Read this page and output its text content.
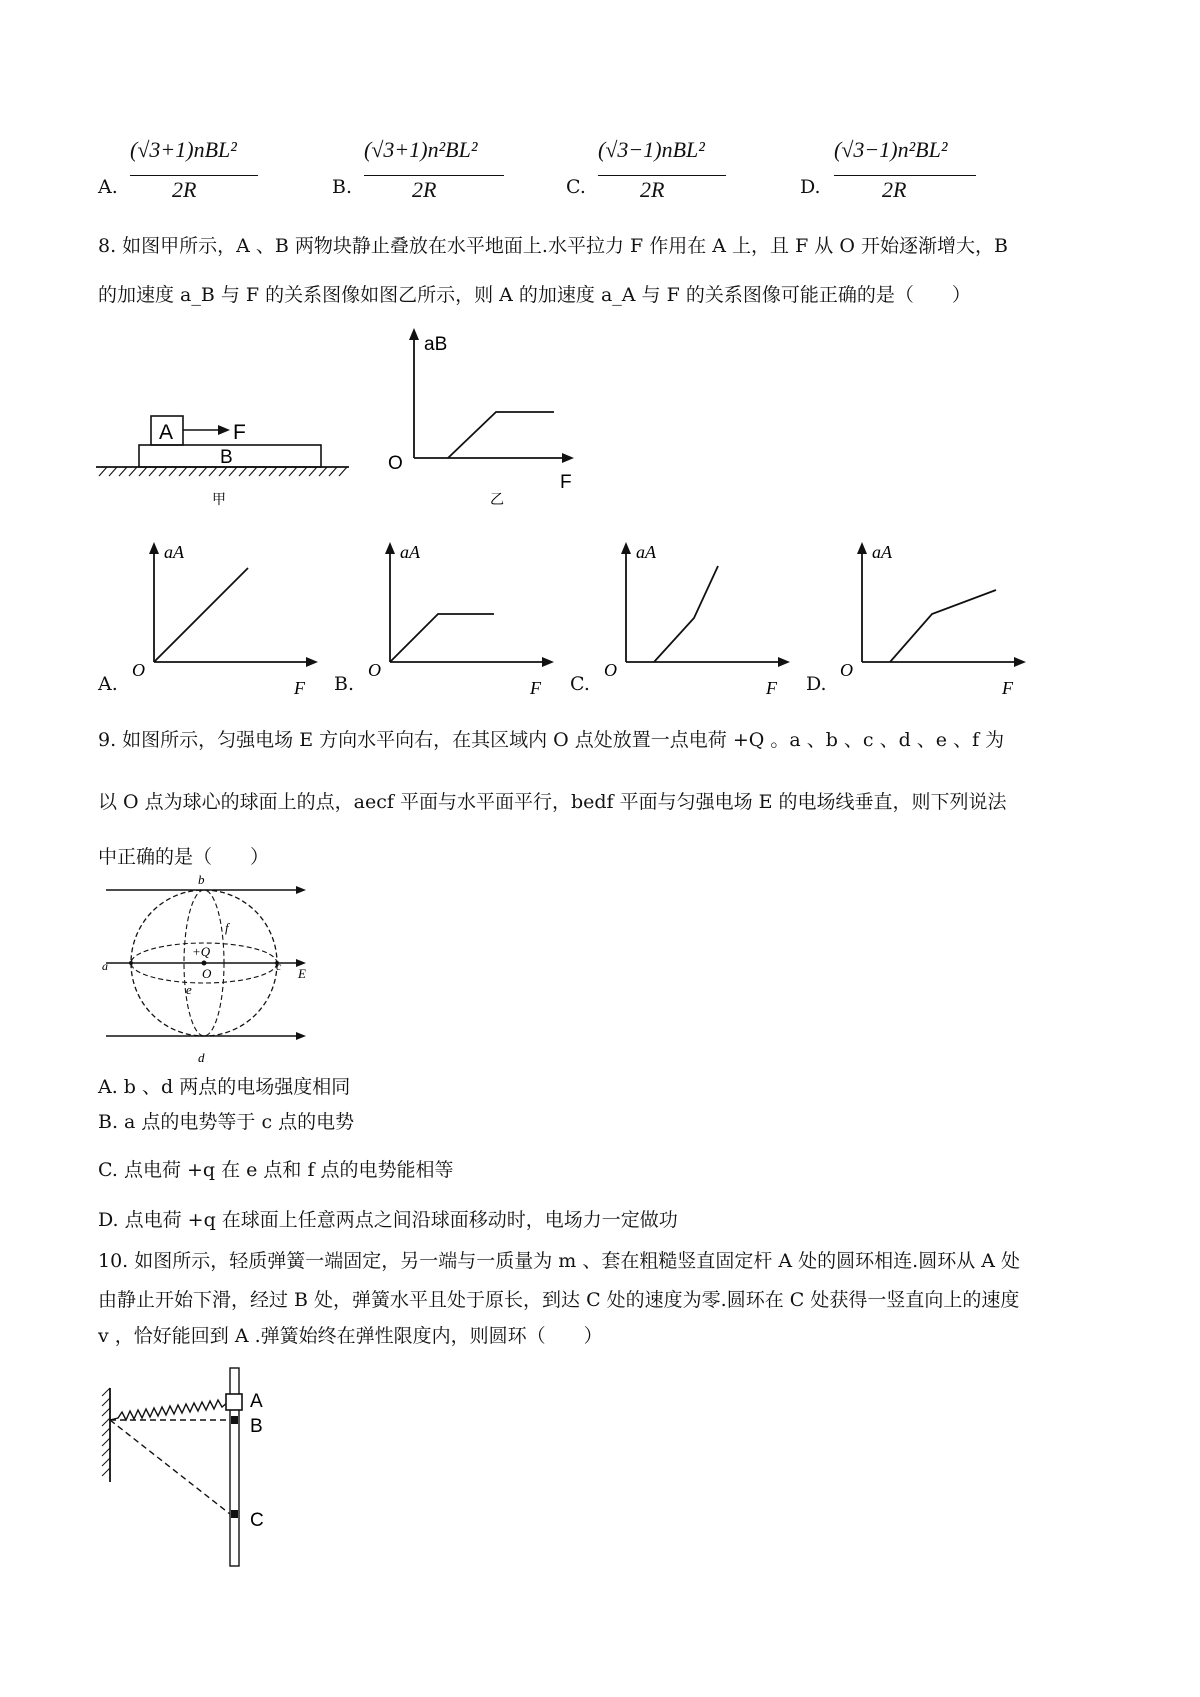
A.
(√3+1)nBL²
2R	B.
(√3+1)n²BL²
2R	C.
(√3−1)nBL²
2R	D.
(√3−1)n²BL²
2R
8. 如图甲所示，A 、B 两物块静止叠放在水平地面上.水平拉力 F 作用在 A 上，且 F 从 O 开始逐渐增大，B
的加速度 a_B 与 F 的关系图像如图乙所示，则 A 的加速度 a_A 与 F 的关系图像可能正确的是（　　）
A	F
B
甲
aB
O
F
乙
A.
aA
O
F B.
aA
O
F C.
aA
O
F D.
aA
O
F
9. 如图所示，匀强电场 E 方向水平向右，在其区域内 O 点处放置一点电荷 +Q 。a 、b 、c 、d 、e 、f 为
以 O 点为球心的球面上的点，aecf 平面与水平面平行，bedf 平面与匀强电场 E 的电场线垂直，则下列说法
中正确的是（　　）
b
f
+Q
a	O	c E
e
d
A. b 、d 两点的电场强度相同
B. a 点的电势等于 c 点的电势
C. 点电荷 +q 在 e 点和 f 点的电势能相等
D. 点电荷 +q 在球面上任意两点之间沿球面移动时，电场力一定做功
10. 如图所示，轻质弹簧一端固定，另一端与一质量为 m 、套在粗糙竖直固定杆 A 处的圆环相连.圆环从 A 处
由静止开始下滑，经过 B 处，弹簧水平且处于原长，到达 C 处的速度为零.圆环在 C 处获得一竖直向上的速度
v ，恰好能回到 A .弹簧始终在弹性限度内，则圆环（　　）
A
B
C
